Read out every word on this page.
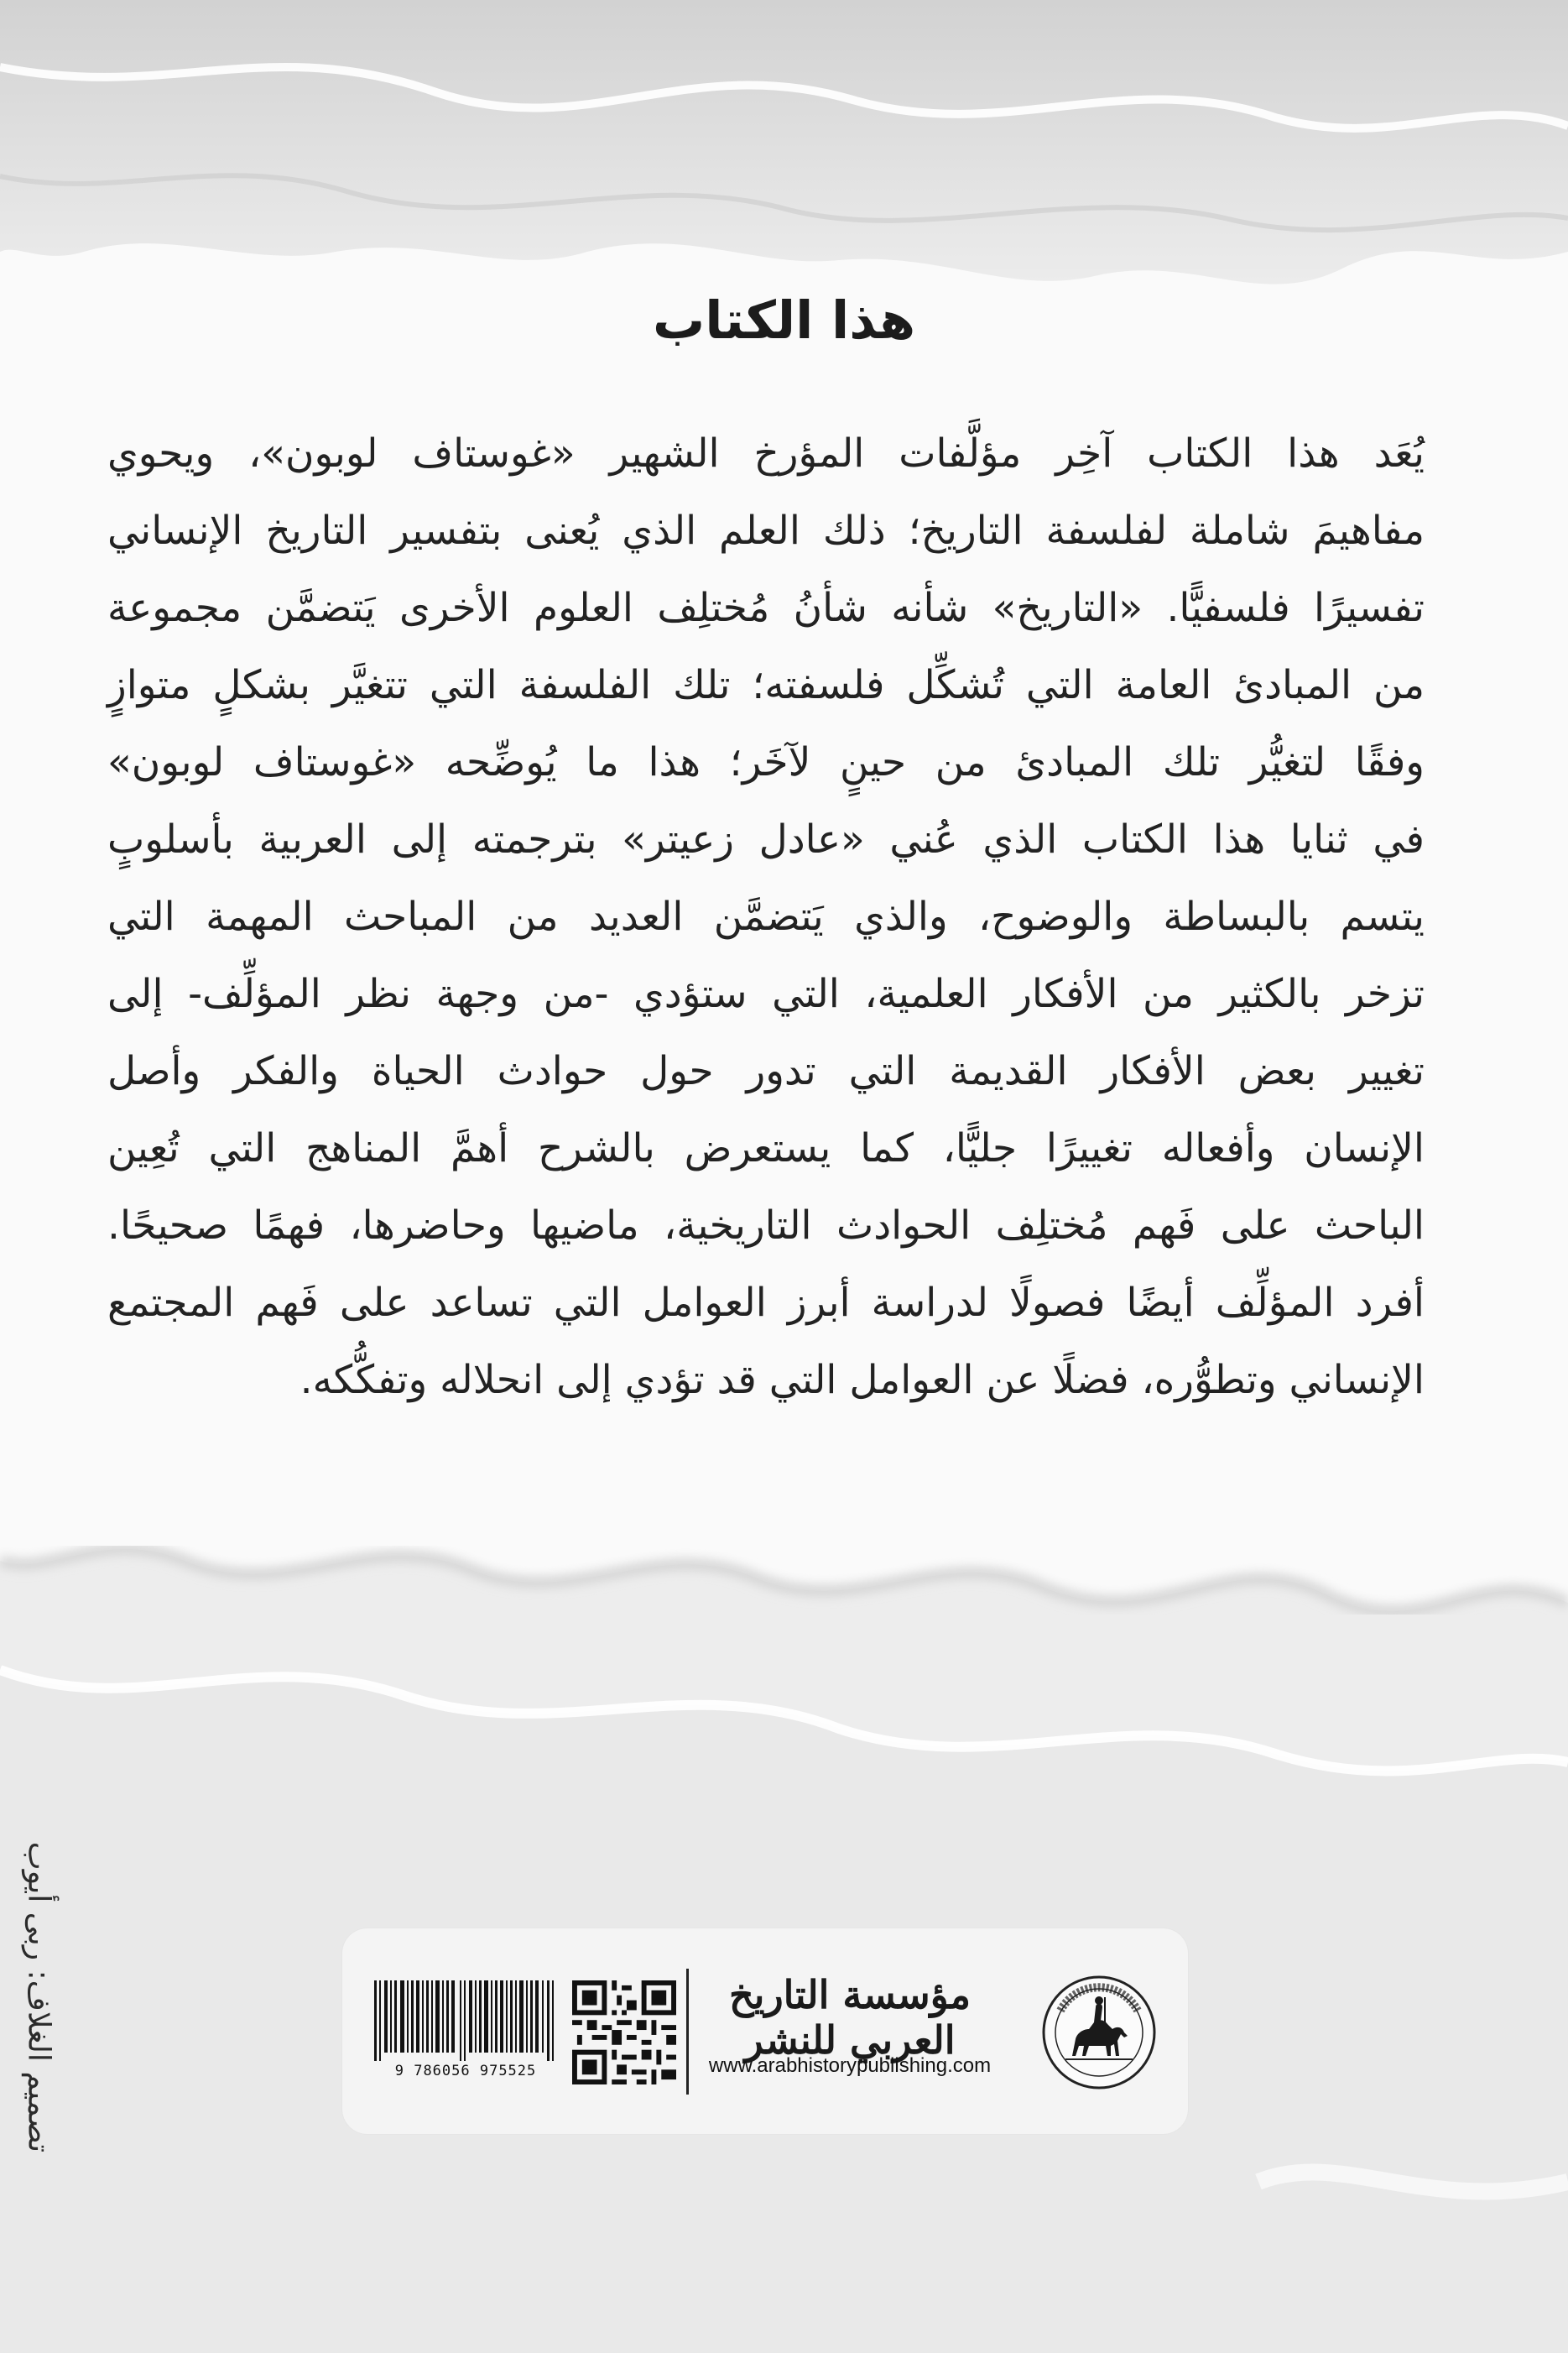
هذا الكتاب
يُعَد هذا الكتاب آخِر مؤلَّفات المؤرخ الشهير «غوستاف لوبون»، ويحوي
مفاهيمَ شاملة لفلسفة التاريخ؛ ذلك العلم الذي يُعنى بتفسير التاريخ الإنساني
تفسيرًا فلسفيًّا. «التاريخ» شأنه شأنُ مُختلِف العلوم الأخرى يَتضمَّن مجموعة
من المبادئ العامة التي تُشكِّل فلسفته؛ تلك الفلسفة التي تتغيَّر بشكلٍ متوازٍ
وفقًا لتغيُّر تلك المبادئ من حينٍ لآخَر؛ هذا ما يُوضِّحه «غوستاف لوبون»
في ثنايا هذا الكتاب الذي عُني «عادل زعيتر» بترجمته إلى العربية بأسلوبٍ
يتسم بالبساطة والوضوح، والذي يَتضمَّن العديد من المباحث المهمة التي
تزخر بالكثير من الأفكار العلمية، التي ستؤدي -من وجهة نظر المؤلِّف- إلى
تغيير بعض الأفكار القديمة التي تدور حول حوادث الحياة والفكر وأصل
الإنسان وأفعاله تغييرًا جليًّا، كما يستعرض بالشرح أهمَّ المناهج التي تُعِين
الباحث على فَهم مُختلِف الحوادث التاريخية، ماضيها وحاضرها، فهمًا صحيحًا.
أفرد المؤلِّف أيضًا فصولًا لدراسة أبرز العوامل التي تساعد على فَهم المجتمع
الإنساني وتطوُّره، فضلًا عن العوامل التي قد تؤدي إلى انحلاله وتفكُّكه.
تصميم الغلاف: ربى أيوب	9 786056 975525
مؤسسة التاريخ العربي للنشر
www.arabhistorypublishing.com
